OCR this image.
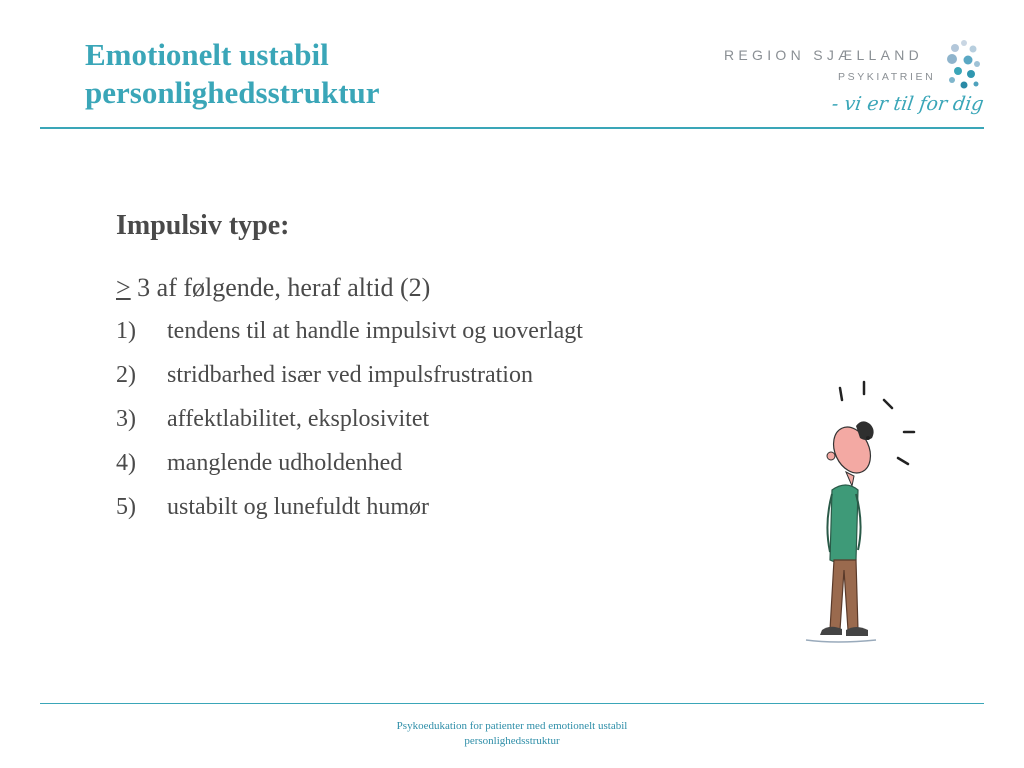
Emotionelt ustabil
personlighedsstruktur
REGION SJÆLLAND
PSYKIATRIEN
- vi er til for dig
Impulsiv type:
≥ 3 af følgende, heraf altid (2)
1) tendens til at handle impulsivt og uoverlagt
2) stridbarhed især ved impulsfrustration
3) affektlabilitet, eksplosivitet
4) manglende udholdenhed
5) ustabilt og lunefuldt humør
Psykoedukation for patienter med emotionelt ustabil
personlighedsstruktur
